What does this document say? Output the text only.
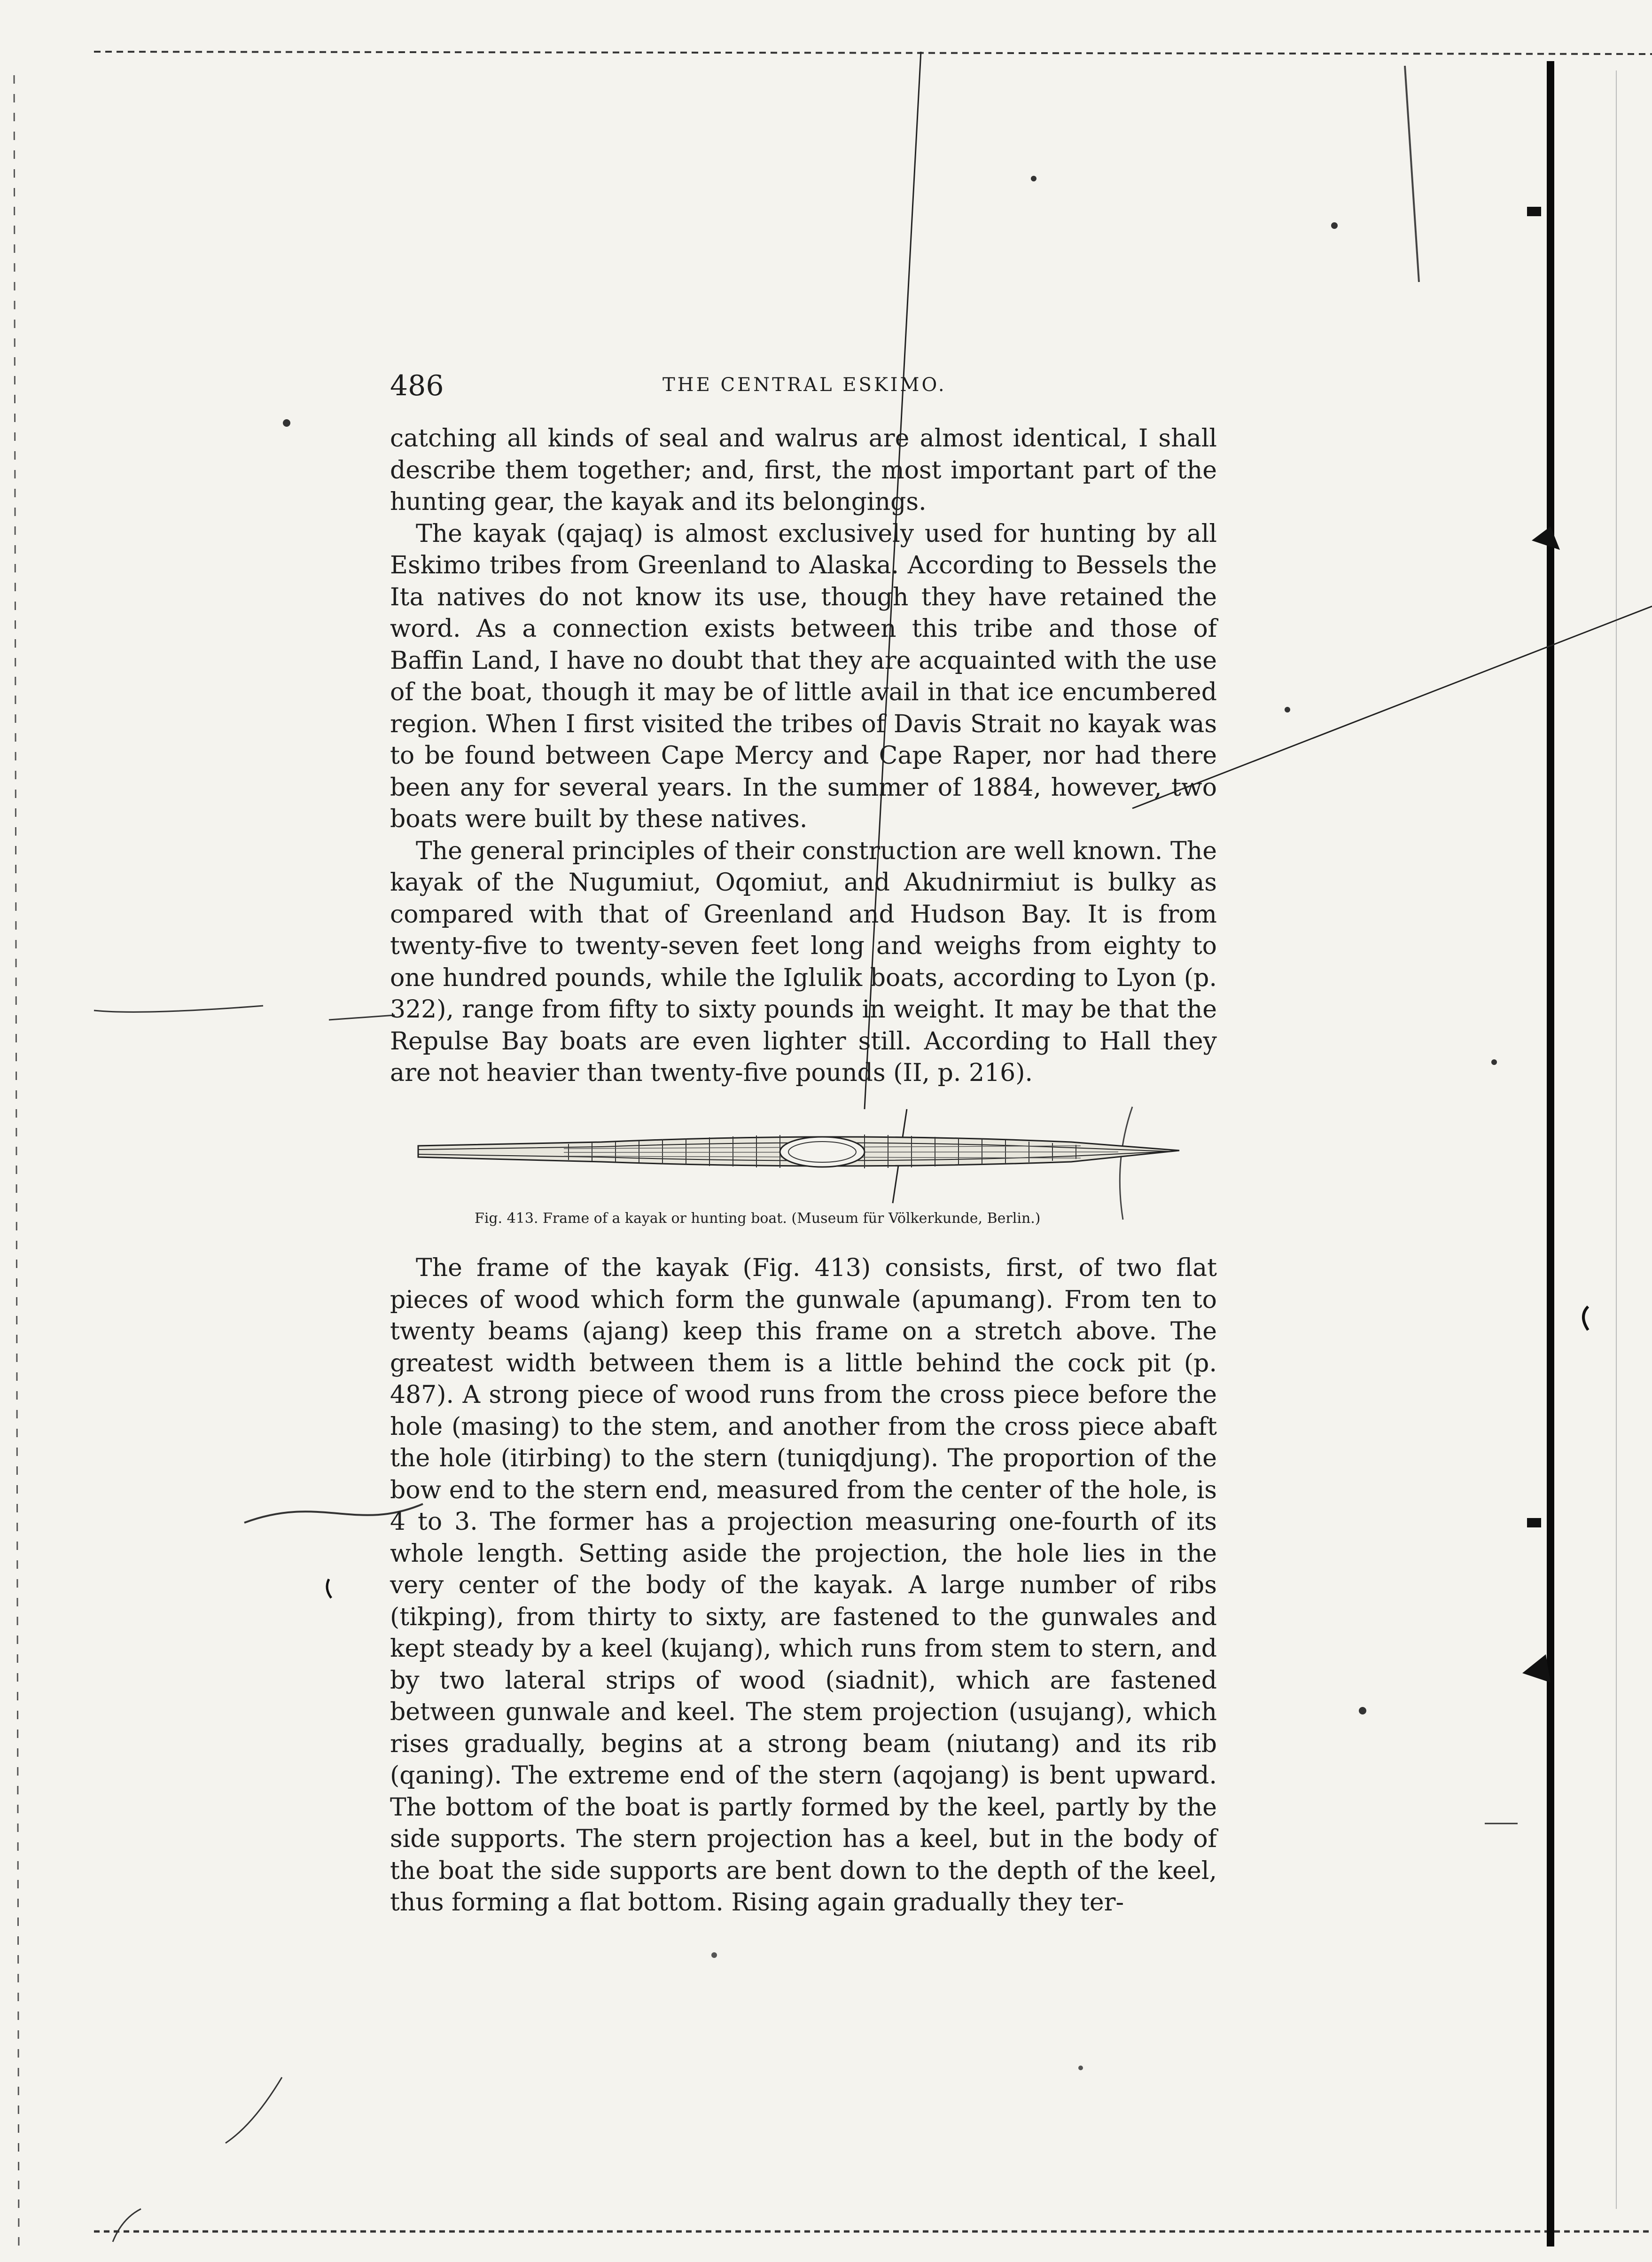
486	THE CENTRAL ESKIMO.

catching all kinds of seal and walrus are almost identical, I shall describe them together; and, first, the most important part of the hunting gear, the kayak and its belongings.

The kayak (qajaq) is almost exclusively used for hunting by all Eskimo tribes from Greenland to Alaska. According to Bessels the Ita natives do not know its use, though they have retained the word. As a connection exists between this tribe and those of Baffin Land, I have no doubt that they are acquainted with the use of the boat, though it may be of little avail in that ice encumbered region. When I first visited the tribes of Davis Strait no kayak was to be found between Cape Mercy and Cape Raper, nor had there been any for several years. In the summer of 1884, however, two boats were built by these natives.

The general principles of their construction are well known. The kayak of the Nugumiut, Oqomiut, and Akudnirmiut is bulky as compared with that of Greenland and Hudson Bay. It is from twenty-five to twenty-seven feet long and weighs from eighty to one hundred pounds, while the Iglulik boats, according to Lyon (p. 322), range from fifty to sixty pounds in weight. It may be that the Repulse Bay boats are even lighter still. According to Hall they are not heavier than twenty-five pounds (II, p. 216).

Fig. 413. Frame of a kayak or hunting boat. (Museum für Völkerkunde, Berlin.)

The frame of the kayak (Fig. 413) consists, first, of two flat pieces of wood which form the gunwale (apumang). From ten to twenty beams (ajang) keep this frame on a stretch above. The greatest width between them is a little behind the cock pit (p. 487). A strong piece of wood runs from the cross piece before the hole (masing) to the stem, and another from the cross piece abaft the hole (itirbing) to the stern (tuniqdjung). The proportion of the bow end to the stern end, measured from the center of the hole, is 4 to 3. The former has a projection measuring one-fourth of its whole length. Setting aside the projection, the hole lies in the very center of the body of the kayak. A large number of ribs (tikping), from thirty to sixty, are fastened to the gunwales and kept steady by a keel (kujang), which runs from stem to stern, and by two lateral strips of wood (siadnit), which are fastened between gunwale and keel. The stem projection (usujang), which rises gradually, begins at a strong beam (niutang) and its rib (qaning). The extreme end of the stern (aqojang) is bent upward. The bottom of the boat is partly formed by the keel, partly by the side supports. The stern projection has a keel, but in the body of the boat the side supports are bent down to the depth of the keel, thus forming a flat bottom. Rising again gradually they ter-
